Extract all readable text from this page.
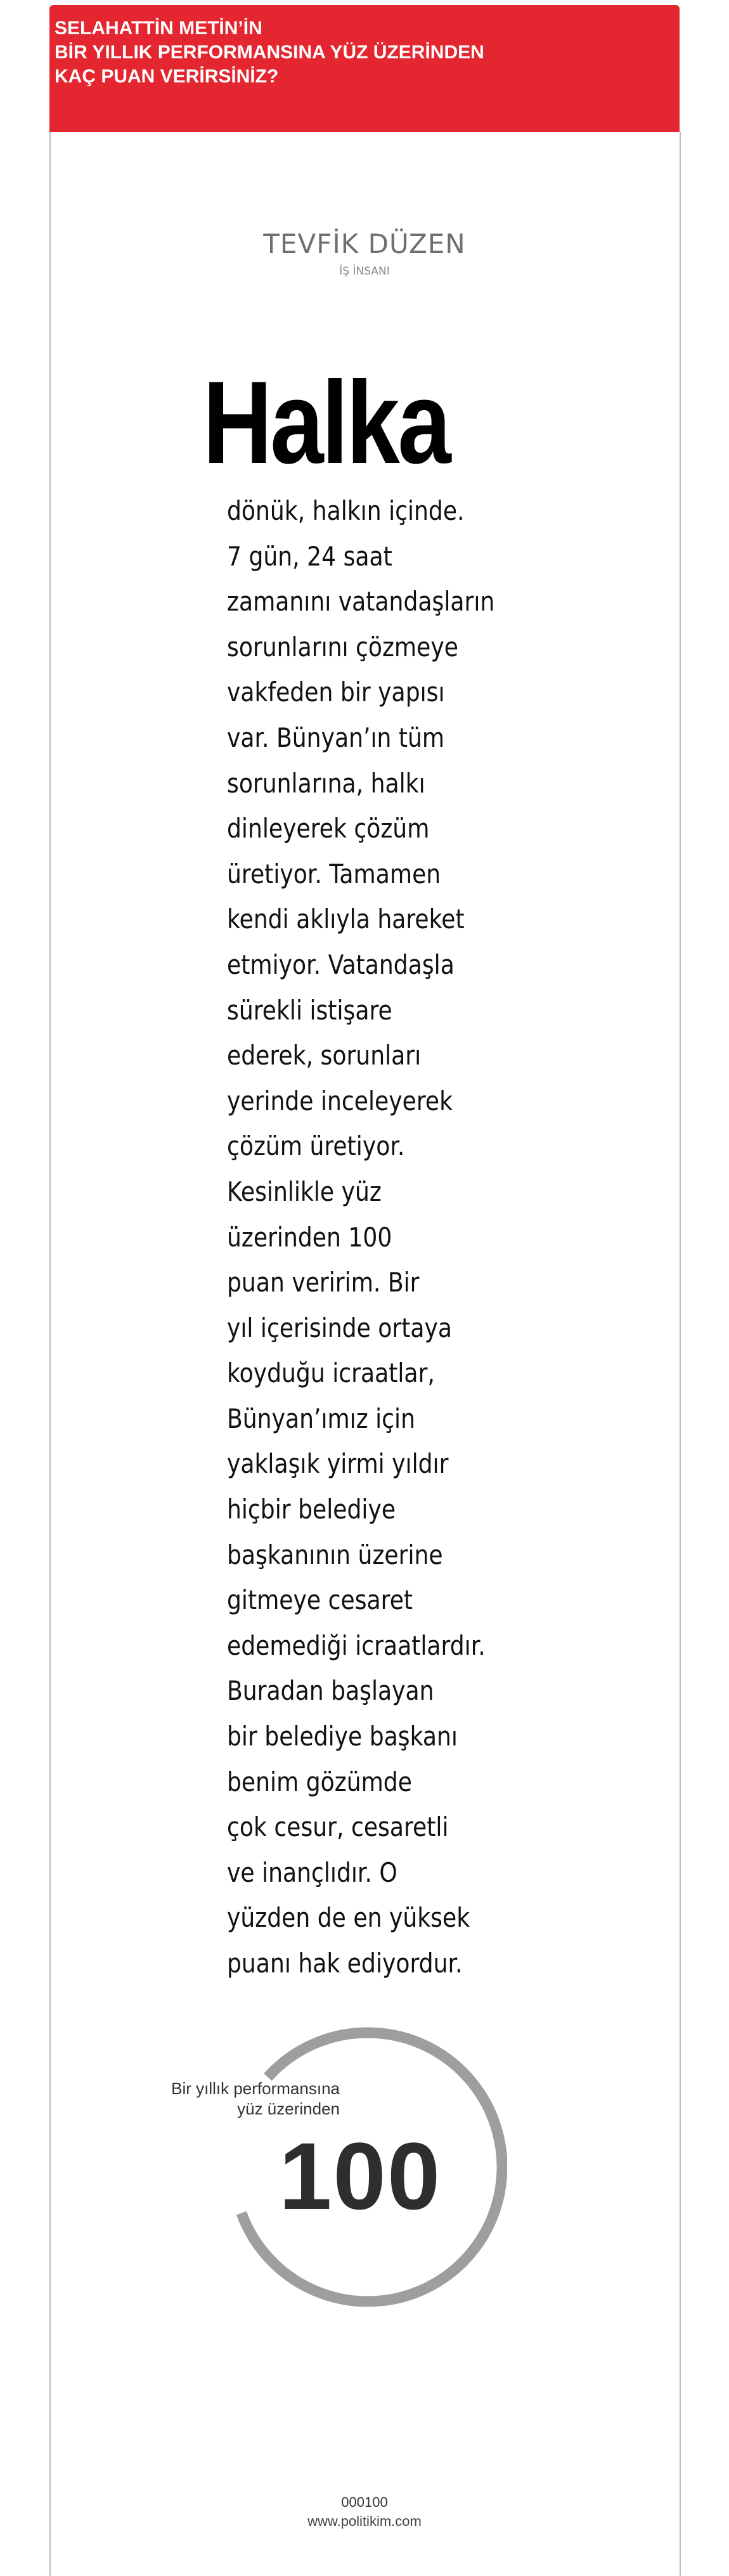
SELAHATTİN METİN’İN
BİR YILLIK PERFORMANSINA YÜZ ÜZERİNDEN
KAÇ PUAN VERİRSİNİZ?
TEVFİK DÜZEN
İŞ İNSANI
Halka
dönük, halkın içinde.
7 gün, 24 saat
zamanını vatandaşların
sorunlarını çözmeye
vakfeden bir yapısı
var. Bünyan’ın tüm
sorunlarına, halkı
dinleyerek çözüm
üretiyor. Tamamen
kendi aklıyla hareket
etmiyor. Vatandaşla
sürekli istişare
ederek, sorunları
yerinde inceleyerek
çözüm üretiyor.
Kesinlikle yüz
üzerinden 100
puan veririm. Bir
yıl içerisinde ortaya
koyduğu icraatlar,
Bünyan’ımız için
yaklaşık yirmi yıldır
hiçbir belediye
başkanının üzerine
gitmeye cesaret
edemediği icraatlardır.
Buradan başlayan
bir belediye başkanı
benim gözümde
çok cesur, cesaretli
ve inançlıdır. O
yüzden de en yüksek
puanı hak ediyordur.
Bir yıllık performansına
yüz üzerinden
100
000100
www.politikim.com
